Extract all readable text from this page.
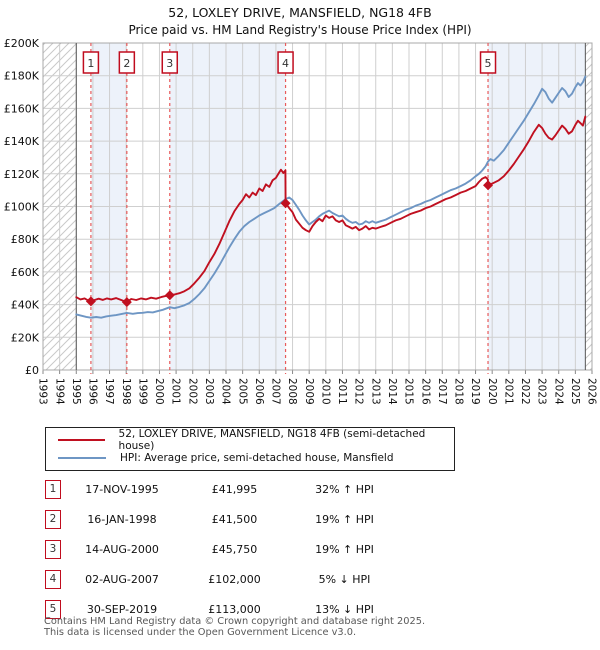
52, LOXLEY DRIVE, MANSFIELD, NG18 4FB
Price paid vs. HM Land Registry's House Price Index (HPI)
1	2	3	4	5
£0
£20K
£40K
£60K
£80K
£100K
£120K
£140K
£160K
£180K
£200K
1993 1994 1995 1996 1997 1998 1999 2000 2001 2002 2003 2004 2005 2006 2007 2008 2009 2010 2011 2012 2013 2014 2015 2016 2017 2018 2019 2020 2021 2022 2023 2024 2025 2026
52, LOXLEY DRIVE, MANSFIELD, NG18 4FB (semi-detached house)
HPI: Average price, semi-detached house, Mansfield
1	17-NOV-1995	£41,995	32% ↑ HPI
2	16-JAN-1998	£41,500	19% ↑ HPI
3	14-AUG-2000	£45,750	19% ↑ HPI
4	02-AUG-2007	£102,000	5% ↓ HPI
5	30-SEP-2019	£113,000	13% ↓ HPI
Contains HM Land Registry data © Crown copyright and database right 2025.
This data is licensed under the Open Government Licence v3.0.
